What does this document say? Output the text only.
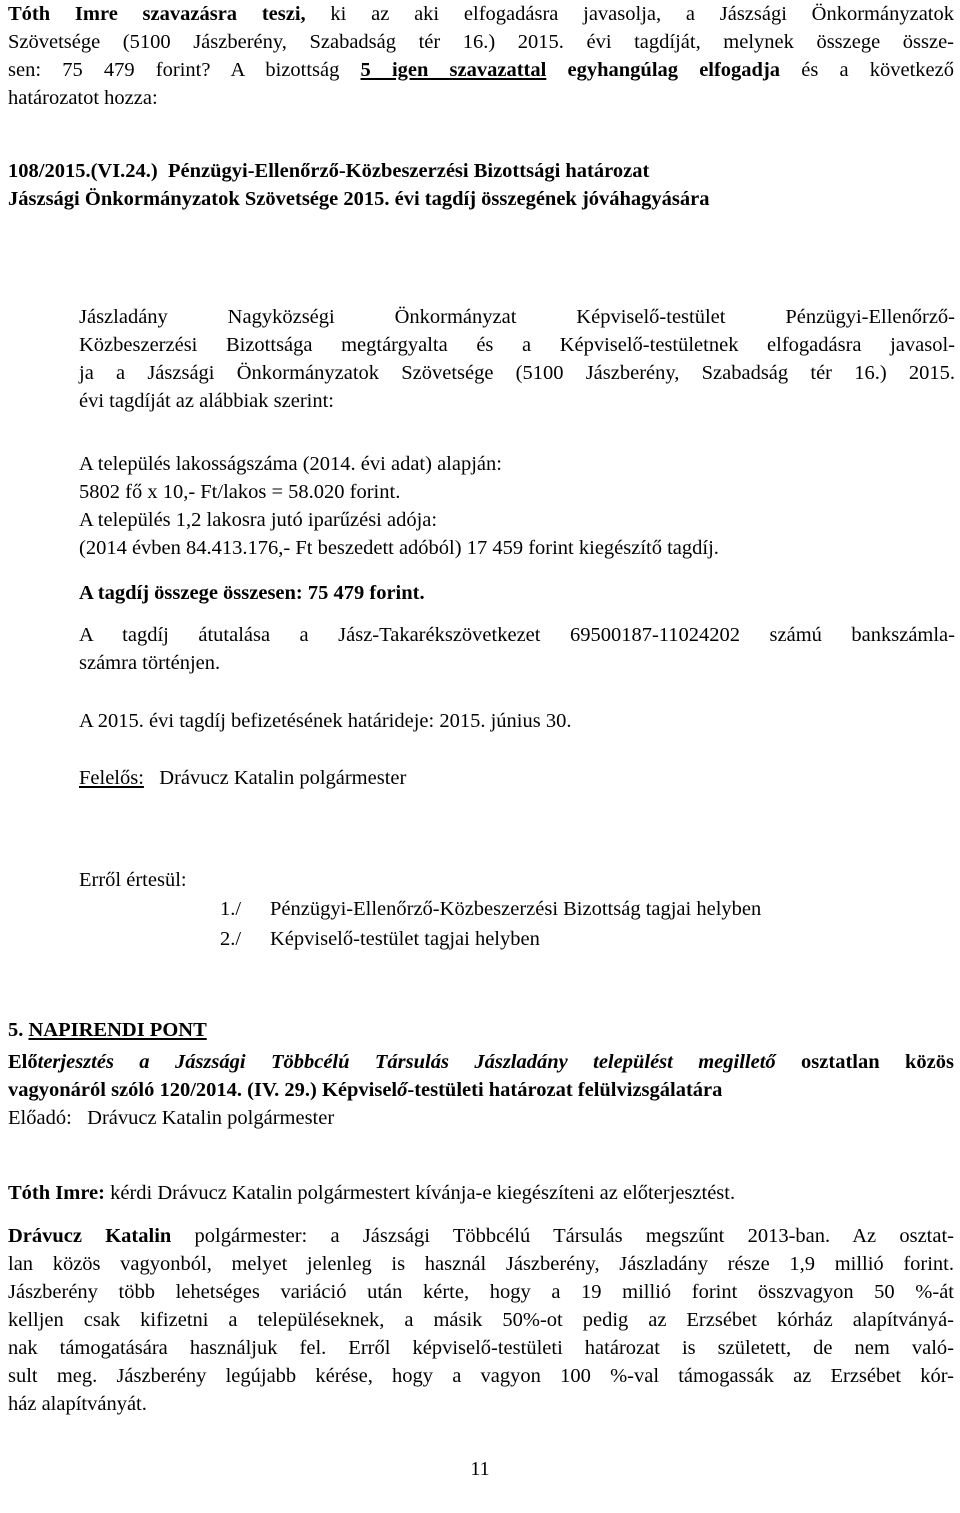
Tóth Imre szavazásra teszi, ki az aki elfogadásra javasolja, a Jászsági Önkormányzatok
Szövetsége (5100 Jászberény, Szabadság tér 16.) 2015. évi tagdíját, melynek összege össze-
sen: 75 479 forint? A bizottság 5 igen szavazattal egyhangúlag elfogadja és a következő
határozatot hozza:
108/2015.(VI.24.) Pénzügyi-Ellenőrző-Közbeszerzési Bizottsági határozat
Jászsági Önkormányzatok Szövetsége 2015. évi tagdíj összegének jóváhagyására
Jászladány Nagyközségi Önkormányzat Képviselő-testület Pénzügyi-Ellenőrző-
Közbeszerzési Bizottsága megtárgyalta és a Képviselő-testületnek elfogadásra javasol-
ja a Jászsági Önkormányzatok Szövetsége (5100 Jászberény, Szabadság tér 16.) 2015.
évi tagdíját az alábbiak szerint:
A település lakosságszáma (2014. évi adat) alapján:
5802 fő x 10,- Ft/lakos = 58.020 forint.
A település 1,2 lakosra jutó iparűzési adója:
(2014 évben 84.413.176,- Ft beszedett adóból) 17 459 forint kiegészítő tagdíj.
A tagdíj összege összesen: 75 479 forint.
A tagdíj átutalása a Jász-Takarékszövetkezet 69500187-11024202 számú bankszámla-
számra történjen.
A 2015. évi tagdíj befizetésének határideje: 2015. június 30.
Felelős: Drávucz Katalin polgármester
Erről értesül:
1./ Pénzügyi-Ellenőrző-Közbeszerzési Bizottság tagjai helyben
2./ Képviselő-testület tagjai helyben
5. NAPIRENDI PONT
Előterjesztés a Jászsági Többcélú Társulás Jászladány települést megillető osztatlan közös
vagyonáról szóló 120/2014. (IV. 29.) Képviselő-testületi határozat felülvizsgálatára
Előadó: Drávucz Katalin polgármester
Tóth Imre: kérdi Drávucz Katalin polgármestert kívánja-e kiegészíteni az előterjesztést.
Drávucz Katalin polgármester: a Jászsági Többcélú Társulás megszűnt 2013-ban. Az osztat-
lan közös vagyonból, melyet jelenleg is használ Jászberény, Jászladány része 1,9 millió forint.
Jászberény több lehetséges variáció után kérte, hogy a 19 millió forint összvagyon 50 %-át
kelljen csak kifizetni a településeknek, a másik 50%-ot pedig az Erzsébet kórház alapítványá-
nak támogatására használjuk fel. Erről képviselő-testületi határozat is született, de nem való-
sult meg. Jászberény legújabb kérése, hogy a vagyon 100 %-val támogassák az Erzsébet kór-
ház alapítványát.
11
